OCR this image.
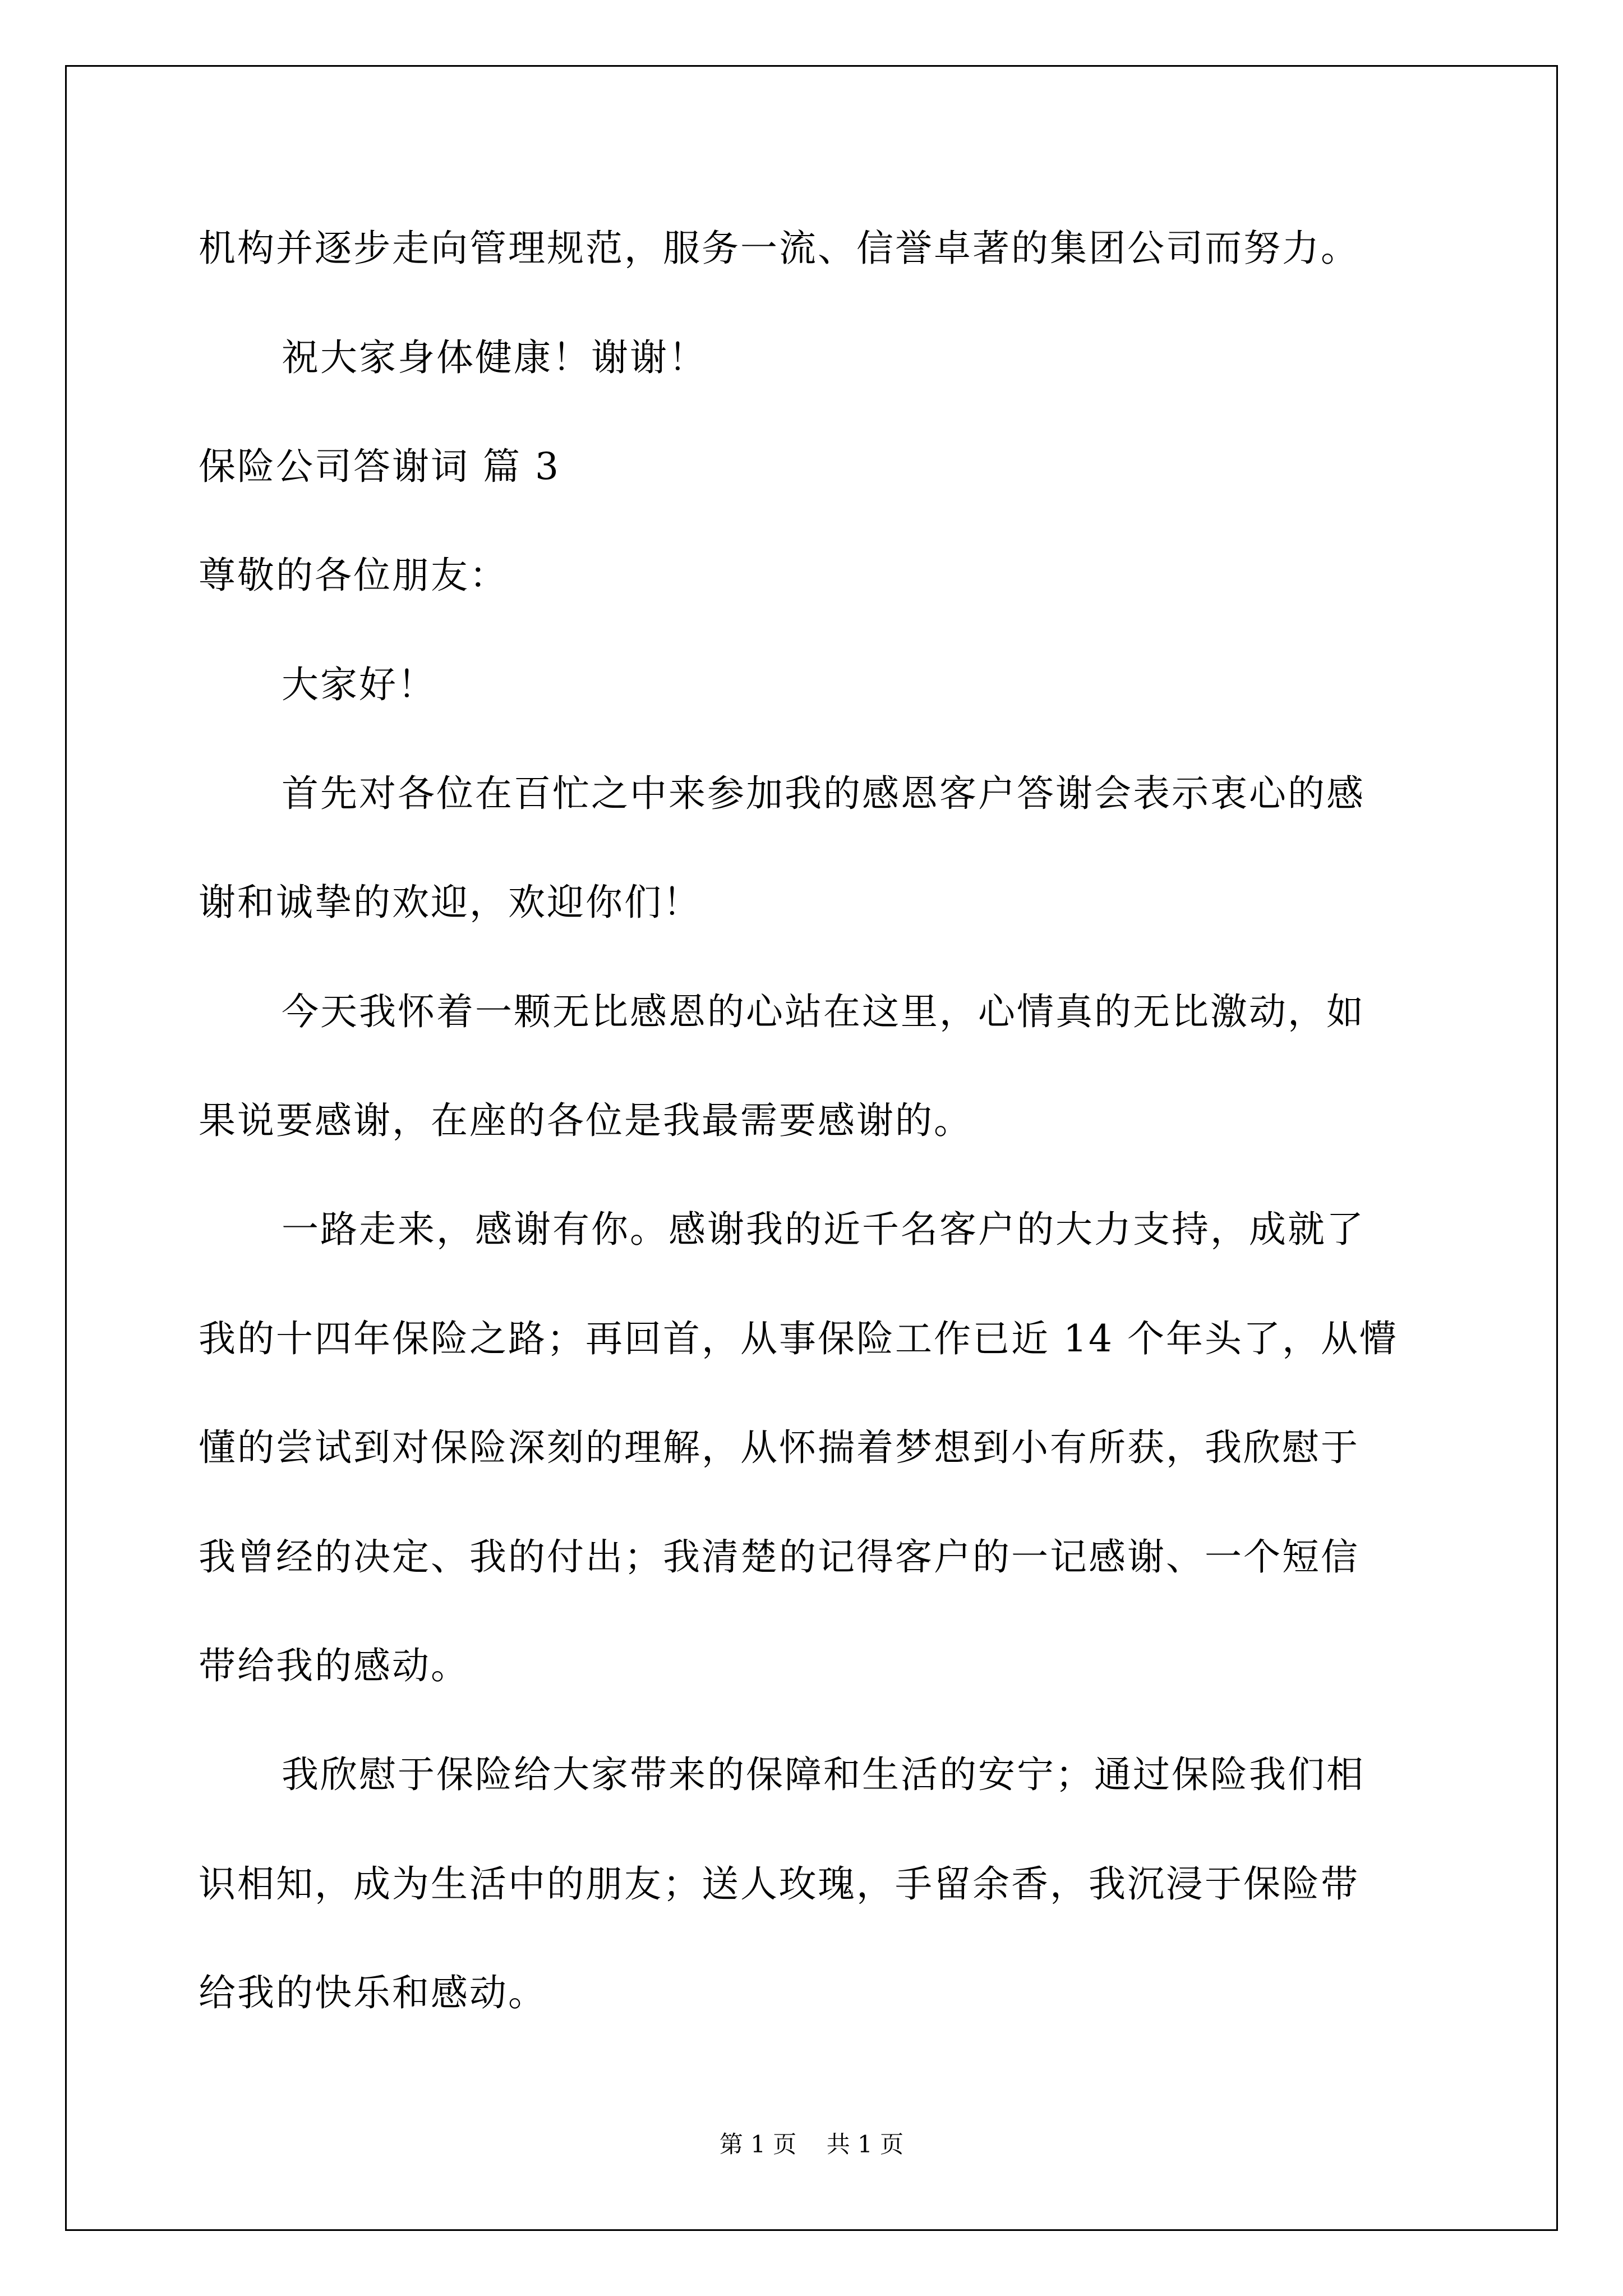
机构并逐步走向管理规范，服务一流、信誉卓著的集团公司而努力。
祝大家身体健康！谢谢！
保险公司答谢词 篇 3
尊敬的各位朋友：
大家好！
首先对各位在百忙之中来参加我的感恩客户答谢会表示衷心的感
谢和诚挚的欢迎，欢迎你们！
今天我怀着一颗无比感恩的心站在这里，心情真的无比激动，如
果说要感谢，在座的各位是我最需要感谢的。
一路走来，感谢有你。感谢我的近千名客户的大力支持，成就了
我的十四年保险之路；再回首，从事保险工作已近 14 个年头了，从懵
懂的尝试到对保险深刻的理解，从怀揣着梦想到小有所获，我欣慰于
我曾经的决定、我的付出；我清楚的记得客户的一记感谢、一个短信
带给我的感动。
我欣慰于保险给大家带来的保障和生活的安宁；通过保险我们相
识相知，成为生活中的朋友；送人玫瑰，手留余香，我沉浸于保险带
给我的快乐和感动。
第 1 页    共 1 页
